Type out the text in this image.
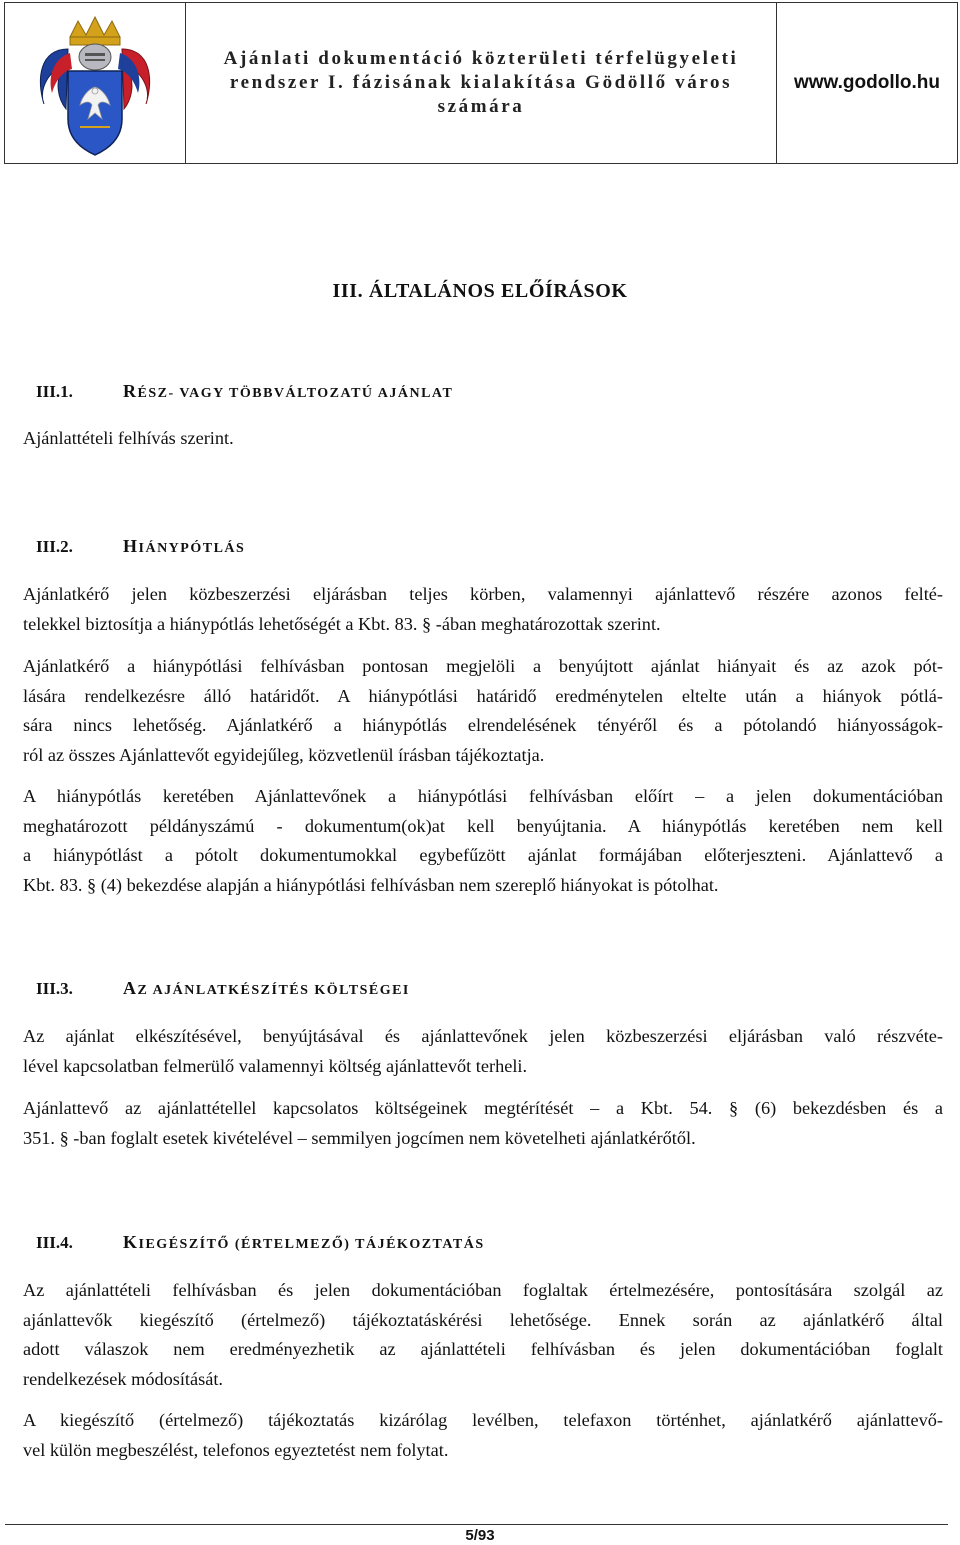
Ajánlati dokumentáció közterületi térfelügyeleti rendszer I. fázisának kialakítása Gödöllő város számára
www.godollo.hu
III. ÁLTALÁNOS ELŐÍRÁSOK
III.1.	RÉSZ- VAGY TÖBBVÁLTOZATÚ AJÁNLAT
Ajánlattételi felhívás szerint.
III.2.	HIÁNYPÓTLÁS
Ajánlatkérő jelen közbeszerzési eljárásban teljes körben, valamennyi ajánlattevő részére azonos felté-
telekkel biztosítja a hiánypótlás lehetőségét a Kbt. 83. § -ában meghatározottak szerint.
Ajánlatkérő a hiánypótlási felhívásban pontosan megjelöli a benyújtott ajánlat hiányait és az azok pót-
lására rendelkezésre álló határidőt. A hiánypótlási határidő eredménytelen eltelte után a hiányok pótlá-
sára nincs lehetőség. Ajánlatkérő a hiánypótlás elrendelésének tényéről és a pótolandó hiányosságok-
ról az összes Ajánlattevőt egyidejűleg, közvetlenül írásban tájékoztatja.
A hiánypótlás keretében Ajánlattevőnek a hiánypótlási felhívásban előírt – a jelen dokumentációban
meghatározott példányszámú - dokumentum(ok)at kell benyújtania. A hiánypótlás keretében nem kell
a hiánypótlást a pótolt dokumentumokkal egybefűzött ajánlat formájában előterjeszteni. Ajánlattevő a
Kbt. 83. § (4) bekezdése alapján a hiánypótlási felhívásban nem szereplő hiányokat is pótolhat.
III.3.	AZ AJÁNLATKÉSZÍTÉS KÖLTSÉGEI
Az ajánlat elkészítésével, benyújtásával és ajánlattevőnek jelen közbeszerzési eljárásban való részvéte-
lével kapcsolatban felmerülő valamennyi költség ajánlattevőt terheli.
Ajánlattevő az ajánlattétellel kapcsolatos költségeinek megtérítését – a Kbt. 54. § (6) bekezdésben és a
351. § -ban foglalt esetek kivételével – semmilyen jogcímen nem követelheti ajánlatkérőtől.
III.4.	KIEGÉSZÍTŐ (ÉRTELMEZŐ) TÁJÉKOZTATÁS
Az ajánlattételi felhívásban és jelen dokumentációban foglaltak értelmezésére, pontosítására szolgál az
ajánlattevők kiegészítő (értelmező) tájékoztatáskérési lehetősége. Ennek során az ajánlatkérő által
adott válaszok nem eredményezhetik az ajánlattételi felhívásban és jelen dokumentációban foglalt
rendelkezések módosítását.
A kiegészítő (értelmező) tájékoztatás kizárólag levélben, telefaxon történhet, ajánlatkérő ajánlattevő-
vel külön megbeszélést, telefonos egyeztetést nem folytat.
5/93
